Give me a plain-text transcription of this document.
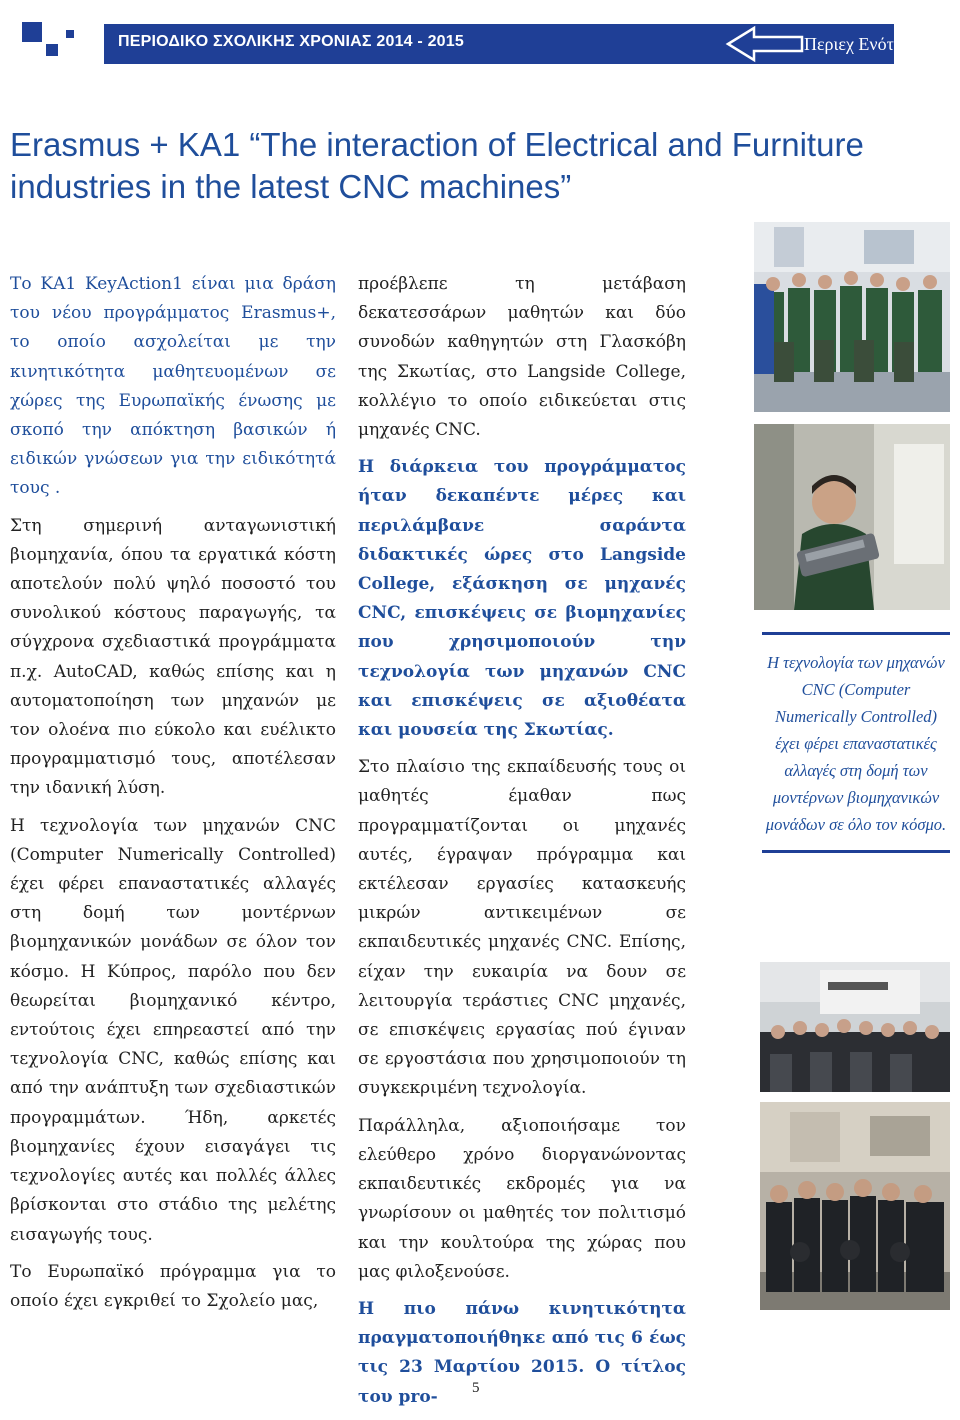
ΠΕΡΙΟΔΙΚΟ ΣΧΟΛΙΚΗΣ ΧΡΟΝΙΑΣ 2014 - 2015	Περιεχ Ενότητας
Erasmus + KA1 “The interaction of Electrical and Furniture industries in the latest CNC machines”

Το ΚΑ1 KeyAction1 είναι μια δράση του νέου προγράμματος Erasmus+, το οποίο ασχολείται με την κινητικότητα μαθητευομένων σε χώρες της Ευρωπαϊκής ένωσης με σκοπό την απόκτηση βασικών ή ειδικών γνώσεων για την ειδικότητά τους .

Στη σημερινή ανταγωνιστική βιομηχανία, όπου τα εργατικά κόστη αποτελούν πολύ ψηλό ποσοστό του συνολικού κόστους παραγωγής, τα σύγχρονα σχεδιαστικά προγράμματα π.χ. AutoCAD, καθώς επίσης και η αυτοματοποίηση των μηχανών με τον ολοένα πιο εύκολο και ευέλικτο προγραμματισμό τους, αποτέλεσαν την ιδανική λύση.

Η τεχνολογία των μηχανών CNC (Computer Numerically Controlled) έχει φέρει επαναστατικές αλλαγές στη δομή των μοντέρνων βιομηχανικών μονάδων σε όλον τον κόσμο. Η Κύπρος, παρόλο που δεν θεωρείται βιομηχανικό κέντρο, εντούτοις έχει επηρεαστεί από την τεχνολογία CNC, καθώς επίσης και από την ανάπτυξη των σχεδιαστικών προγραμμάτων. Ήδη, αρκετές βιομηχανίες έχουν εισαγάγει τις τεχνολογίες αυτές και πολλές άλλες βρίσκονται στο στάδιο της μελέτης εισαγωγής τους.

Το Ευρωπαϊκό πρόγραμμα για το οποίο έχει εγκριθεί το Σχολείο μας,

προέβλεπε τη μετάβαση δεκατεσσάρων μαθητών και δύο συνοδών καθηγητών στη Γλασκόβη της Σκωτίας, στο Langside College, κολλέγιο το οποίο ειδικεύεται στις μηχανές CNC.

Η διάρκεια του προγράμματος ήταν δεκαπέντε μέρες και περιλάμβανε σαράντα διδακτικές ώρες στο Langside College, εξάσκηση σε μηχανές CNC, επισκέψεις σε βιομηχανίες που χρησιμοποιούν την τεχνολογία των μηχανών CNC και επισκέψεις σε αξιοθέατα και μουσεία της Σκωτίας.

Στο πλαίσιο της εκπαίδευσής τους οι μαθητές έμαθαν πως προγραμματίζονται οι μηχανές αυτές, έγραψαν πρόγραμμα και εκτέλεσαν εργασίες κατασκευής μικρών αντικειμένων σε εκπαιδευτικές μηχανές CNC. Επίσης, είχαν την ευκαιρία να δουν σε λειτουργία τεράστιες CNC μηχανές, σε επισκέψεις εργασίας πού έγιναν σε εργοστάσια που χρησιμοποιούν τη συγκεκριμένη τεχνολογία.

Παράλληλα, αξιοποιήσαμε τον ελεύθερο χρόνο διοργανώνοντας εκπαιδευτικές εκδρομές για να γνωρίσουν οι μαθητές τον πολιτισμό και την κουλτούρα της χώρας που μας φιλοξενούσε.

Η πιο πάνω κινητικότητα πραγματοποιήθηκε από τις 6 έως τις 23 Μαρτίου 2015. Ο τίτλος του pro-

Η τεχνολογία των μηχανών CNC (Computer Numerically Controlled) έχει φέρει επαναστατικές αλλαγές στη δομή των μοντέρνων βιομηχανικών μονάδων σε όλο τον κόσμο.
5
